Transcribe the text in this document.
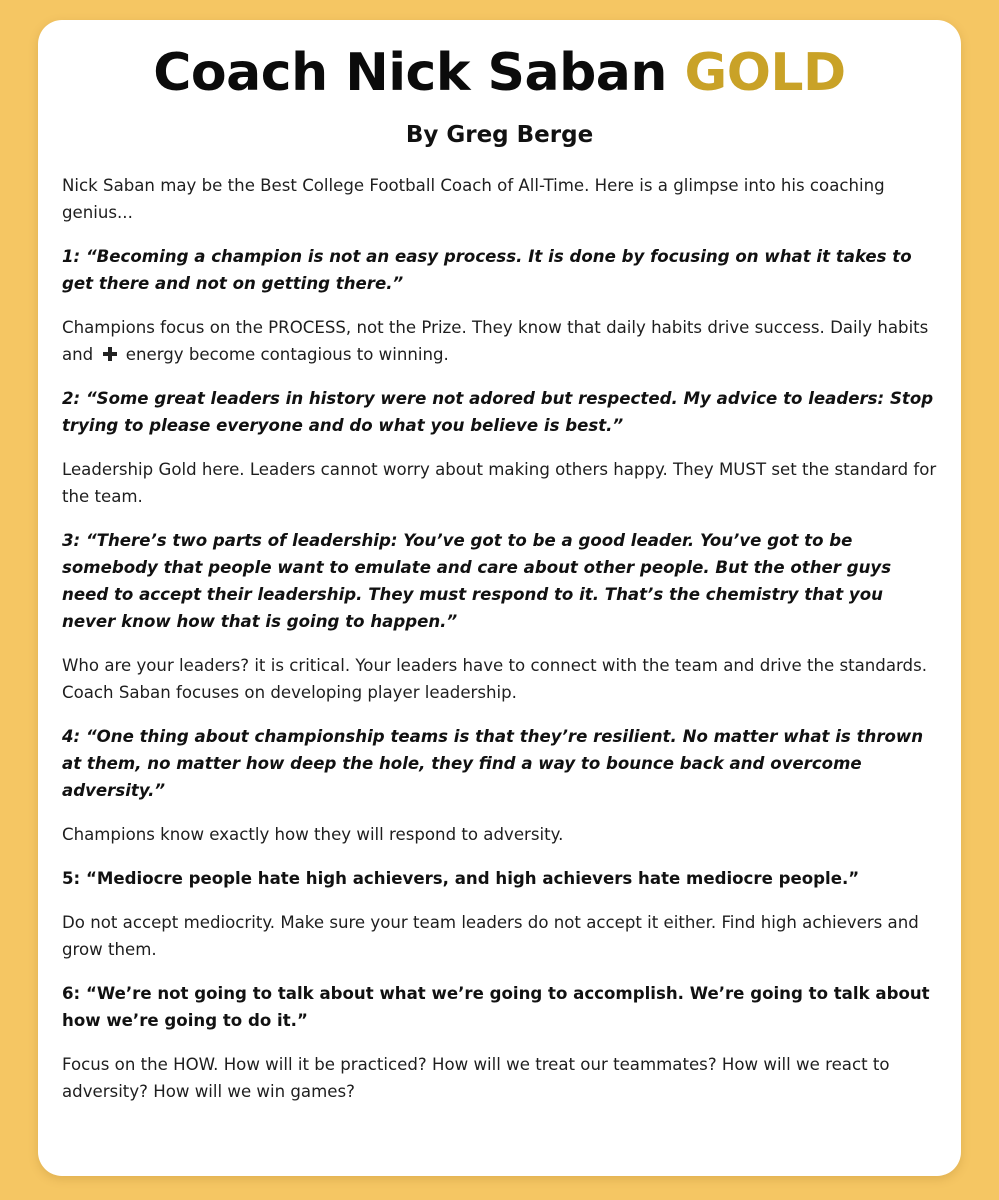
Coach Nick Saban GOLD
By Greg Berge

Nick Saban may be the Best College Football Coach of All-Time. Here is a glimpse into his coaching genius...

1: “Becoming a champion is not an easy process. It is done by focusing on what it takes to get there and not on getting there.”

Champions focus on the PROCESS, not the Prize. They know that daily habits drive success. Daily habits and  energy become contagious to winning.

2: “Some great leaders in history were not adored but respected. My advice to leaders: Stop trying to please everyone and do what you believe is best.”

Leadership Gold here. Leaders cannot worry about making others happy. They MUST set the standard for the team.

3: “There’s two parts of leadership: You’ve got to be a good leader. You’ve got to be somebody that people want to emulate and care about other people. But the other guys need to accept their leadership. They must respond to it. That’s the chemistry that you never know how that is going to happen.”

Who are your leaders? it is critical. Your leaders have to connect with the team and drive the standards. Coach Saban focuses on developing player leadership.

4: “One thing about championship teams is that they’re resilient. No matter what is thrown at them, no matter how deep the hole, they find a way to bounce back and overcome adversity.”

Champions know exactly how they will respond to adversity.

5: “Mediocre people hate high achievers, and high achievers hate mediocre people.”

Do not accept mediocrity. Make sure your team leaders do not accept it either. Find high achievers and grow them.

6: “We’re not going to talk about what we’re going to accomplish. We’re going to talk about how we’re going to do it.”

Focus on the HOW. How will it be practiced? How will we treat our teammates? How will we react to adversity? How will we win games?
